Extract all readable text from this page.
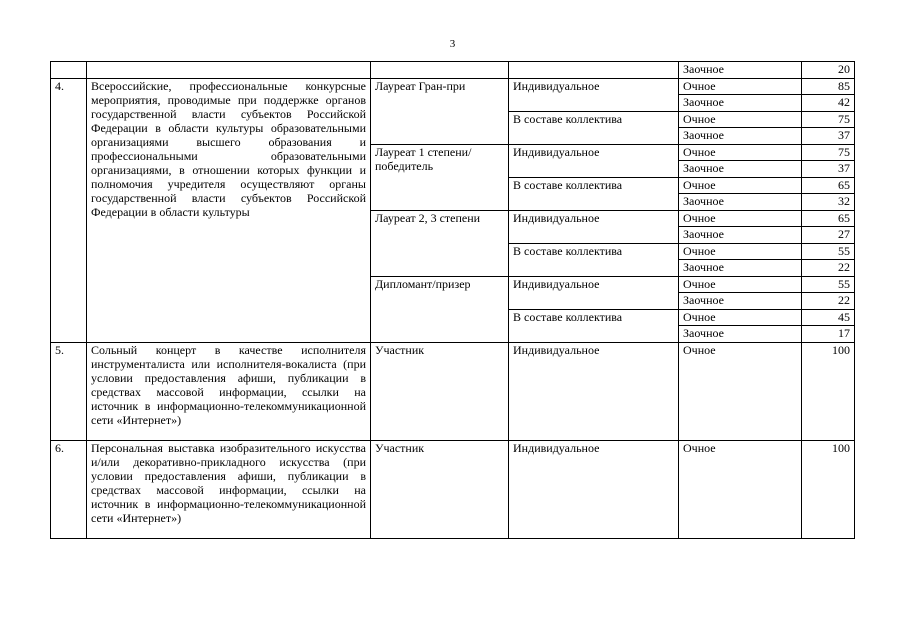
3
				Заочное	20
4.	Всероссийские, профессиональные конкурсные мероприятия, проводимые при поддержке органов государственной власти субъектов Российской Федерации в области культуры образовательными организациями высшего образования и профессиональными образовательными организациями, в отношении которых функции и полномочия учредителя осуществляют органы государственной власти субъектов Российской Федерации в области культуры	Лауреат Гран-при	Индивидуальное	Очное	85
				Заочное	42
			В составе коллектива	Очное	75
				Заочное	37
		Лауреат 1 степени/ победитель	Индивидуальное	Очное	75
				Заочное	37
			В составе коллектива	Очное	65
				Заочное	32
		Лауреат 2, 3 степени	Индивидуальное	Очное	65
				Заочное	27
			В составе коллектива	Очное	55
				Заочное	22
		Дипломант/призер	Индивидуальное	Очное	55
				Заочное	22
			В составе коллектива	Очное	45
				Заочное	17
5.	Сольный концерт в качестве исполнителя инструменталиста или исполнителя-вокалиста (при условии предоставления афиши, публикации в средствах массовой информации, ссылки на источник в информационно-телекоммуникационной сети «Интернет»)	Участник	Индивидуальное	Очное	100
6.	Персональная выставка изобразительного искусства и/или декоративно-прикладного искусства (при условии предоставления афиши, публикации в средствах массовой информации, ссылки на источник в информационно-телекоммуникационной сети «Интернет»)	Участник	Индивидуальное	Очное	100
